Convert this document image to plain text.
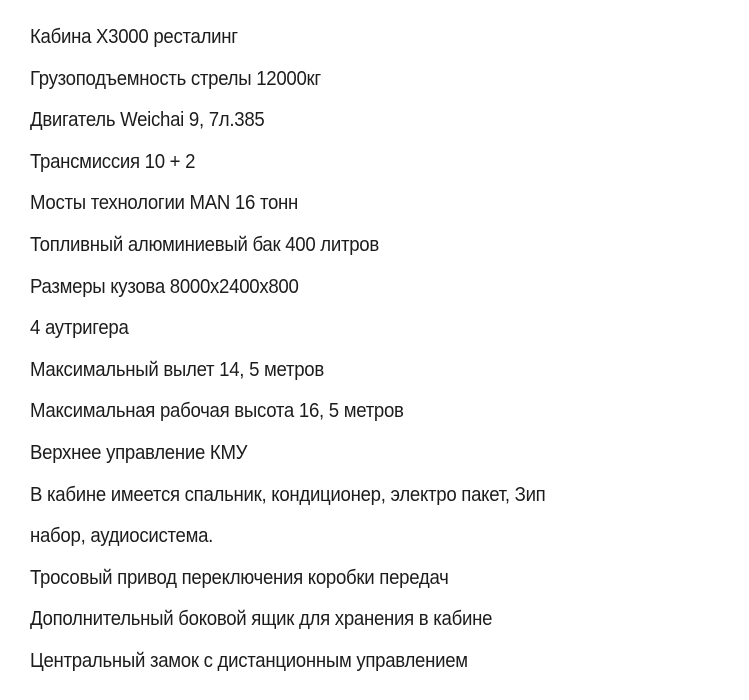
Кабина X3000 ресталинг
Грузоподъемность стрелы 12000кг
Двигатель Weichai 9, 7л.385
Трансмиссия 10 + 2
Мосты технологии MAN 16 тонн
Топливный алюминиевый бак 400 литров
Размеры кузова 8000х2400х800
4 аутригера
Максимальный вылет 14, 5 метров
Максимальная рабочая высота 16, 5 метров
Верхнее управление КМУ
В кабине имеется спальник, кондиционер, электро пакет, Зип
набор, аудиосистема.
Тросовый привод переключения коробки передач
Дополнительный боковой ящик для хранения в кабине
Центральный замок с дистанционным управлением
